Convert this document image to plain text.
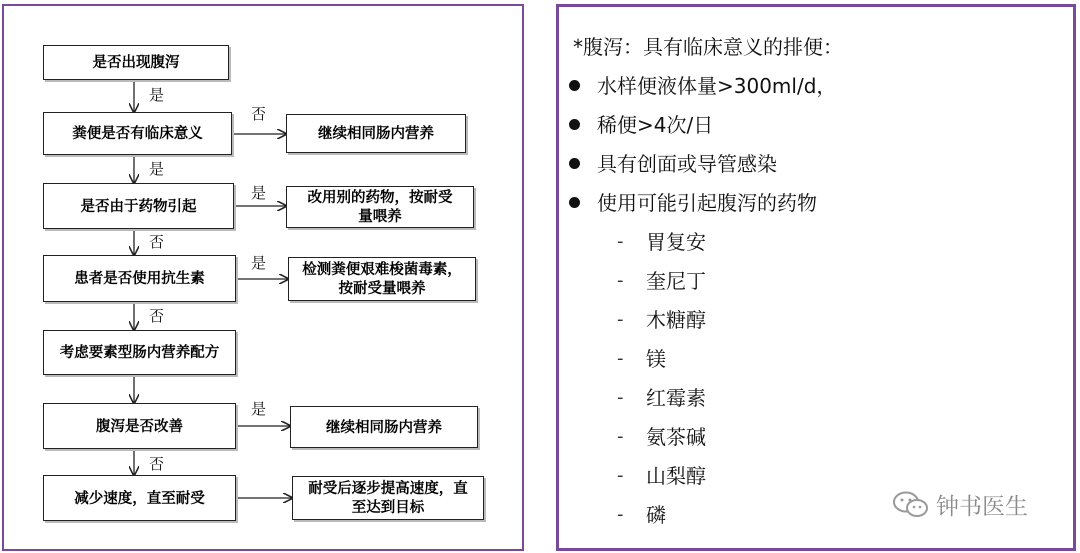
是否出现腹泻
粪便是否有临床意义	继续相同肠内营养
是否由于药物引起	改用别的药物，按耐受量喂养
患者是否使用抗生素
检测粪便艰难梭菌毒素，按耐受量喂养
考虑要素型肠内营养配方
腹泻是否改善	继续相同肠内营养
减少速度，直至耐受
耐受后逐步提高速度，直至达到目标
是
否
是
是
否
是
否
是
否
*腹泻：具有临床意义的排便：
水样便液体量>300ml/d，
稀便>4次/日
具有创面或导管感染
使用可能引起腹泻的药物
- 胃复安
- 奎尼丁
- 木糖醇
- 镁
- 红霉素
- 氨茶碱
- 山梨醇
- 磷	钟书医生
